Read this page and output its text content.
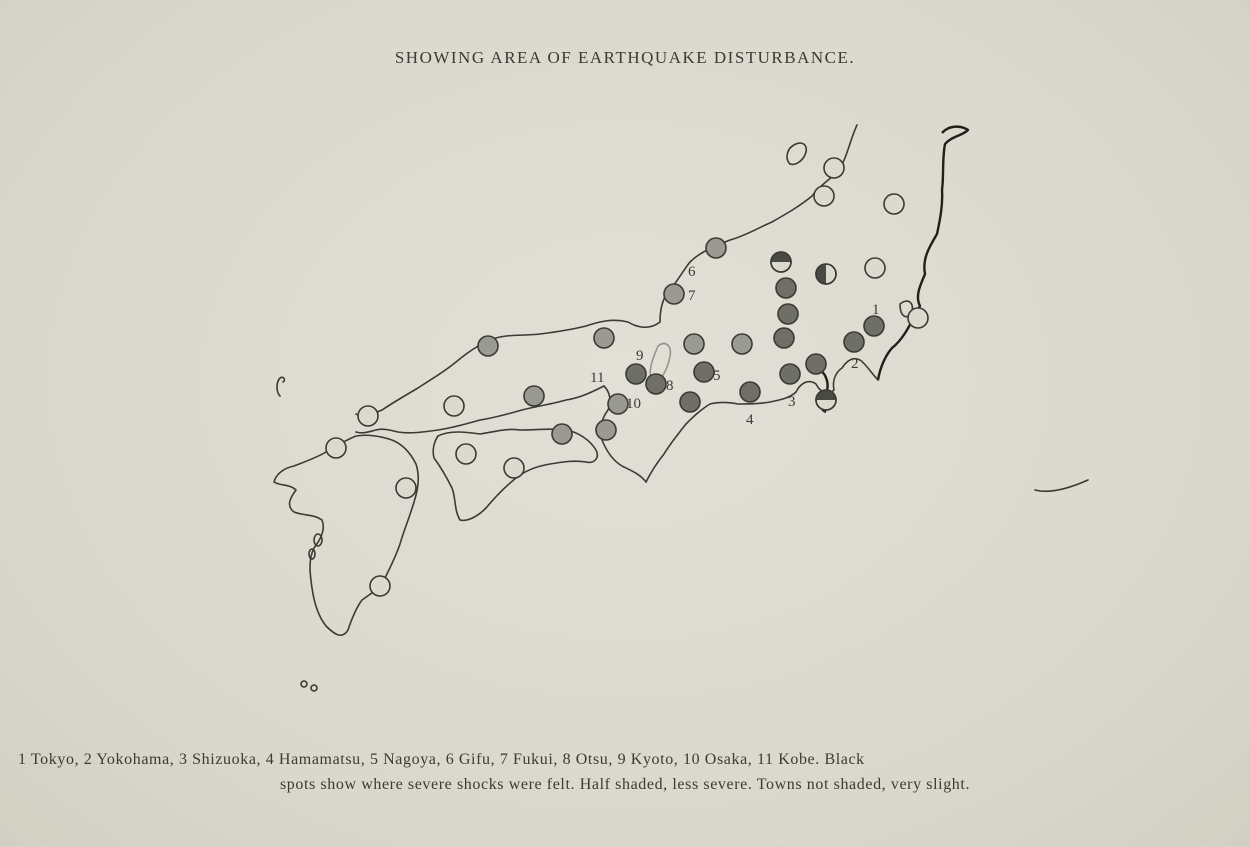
SHOWING AREA OF EARTHQUAKE DISTURBANCE.
1
2
3
4
5
6
7
8
9
10
11
1 Tokyo, 2 Yokohama, 3 Shizuoka, 4 Hamamatsu, 5 Nagoya, 6 Gifu, 7 Fukui, 8 Otsu, 9 Kyoto, 10 Osaka, 11 Kobe. Black
spots show where severe shocks were felt. Half shaded, less severe. Towns not shaded, very slight.
